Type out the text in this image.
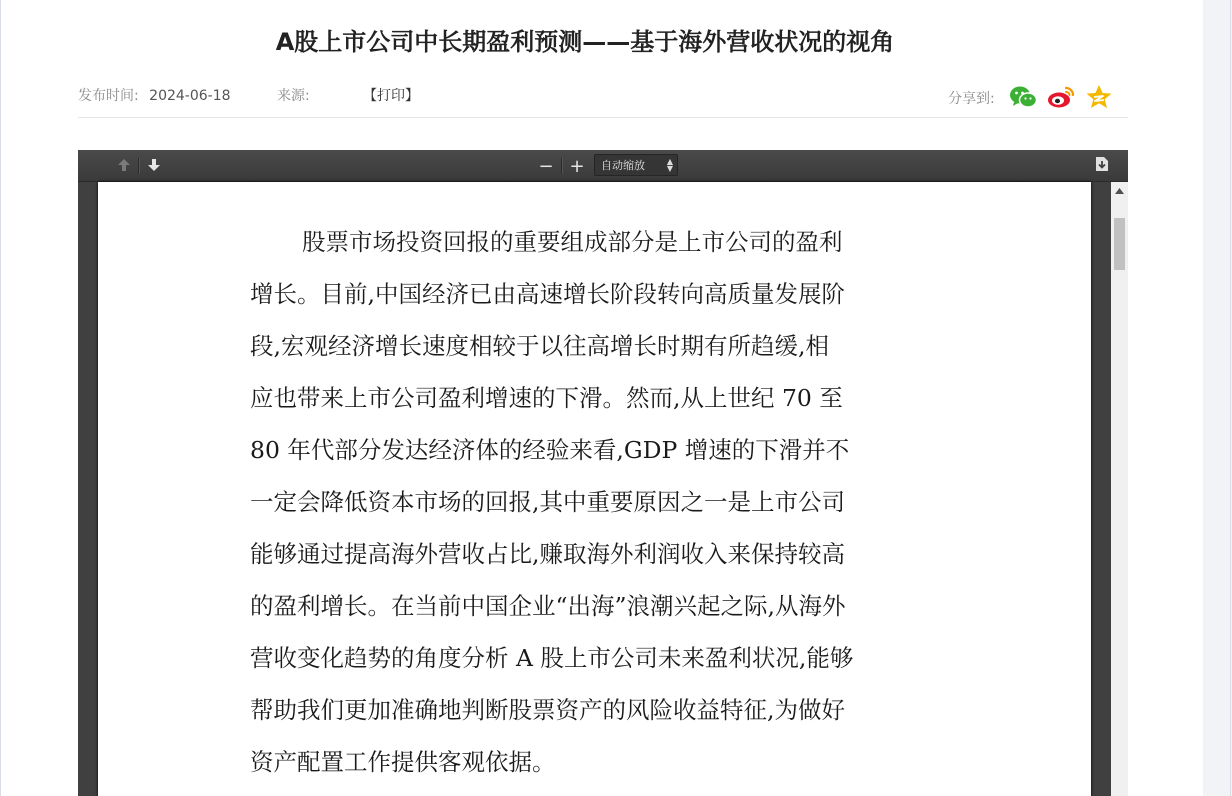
A股上市公司中长期盈利预测——基于海外营收状况的视角
发布时间: 2024-06-18	来源:	【打印】	分享到:
− + 自动缩放	▲
▼
股票市场投资回报的重要组成部分是上市公司的盈利
增长。目前,中国经济已由高速增长阶段转向高质量发展阶
段,宏观经济增长速度相较于以往高增长时期有所趋缓,相
应也带来上市公司盈利增速的下滑。然而,从上世纪 70 至
80 年代部分发达经济体的经验来看,GDP 增速的下滑并不
一定会降低资本市场的回报,其中重要原因之一是上市公司
能够通过提高海外营收占比,赚取海外利润收入来保持较高
的盈利增长。在当前中国企业“出海”浪潮兴起之际,从海外
营收变化趋势的角度分析 A 股上市公司未来盈利状况,能够
帮助我们更加准确地判断股票资产的风险收益特征,为做好
资产配置工作提供客观依据。
